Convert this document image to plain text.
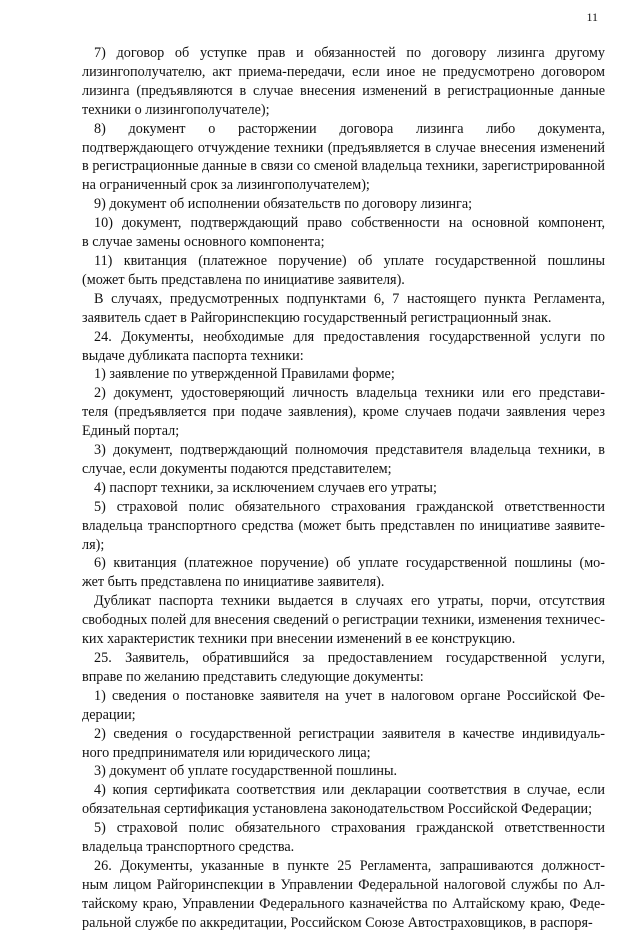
11
7) договор об уступке прав и обязанностей по договору лизинга другому
лизингополучателю, акт приема-передачи, если иное не предусмотрено договором
лизинга (предъявляются в случае внесения изменений в регистрационные данные
техники о лизингополучателе);
8) документ о расторжении договора лизинга либо документа,
подтверждающего отчуждение техники (предъявляется в случае внесения изменений
в регистрационные данные в связи со сменой владельца техники, зарегистрированной
на ограниченный срок за лизингополучателем);
9) документ об исполнении обязательств по договору лизинга;
10) документ, подтверждающий право собственности на основной компонент,
в случае замены основного компонента;
11) квитанция (платежное поручение) об уплате государственной пошлины
(может быть представлена по инициативе заявителя).
В случаях, предусмотренных подпунктами 6, 7 настоящего пункта Регламента,
заявитель сдает в Райгоринспекцию государственный регистрационный знак.
24. Документы, необходимые для предоставления государственной услуги по
выдаче дубликата паспорта техники:
1) заявление по утвержденной Правилами форме;
2) документ, удостоверяющий личность владельца техники или его представи-
теля (предъявляется при подаче заявления), кроме случаев подачи заявления через
Единый портал;
3) документ, подтверждающий полномочия представителя владельца техники, в
случае, если документы подаются представителем;
4) паспорт техники, за исключением случаев его утраты;
5) страховой полис обязательного страхования гражданской ответственности
владельца транспортного средства (может быть представлен по инициативе заявите-
ля);
6) квитанция (платежное поручение) об уплате государственной пошлины (мо-
жет быть представлена по инициативе заявителя).
Дубликат паспорта техники выдается в случаях его утраты, порчи, отсутствия
свободных полей для внесения сведений о регистрации техники, изменения техничес-
ких характеристик техники при внесении изменений в ее конструкцию.
25. Заявитель, обратившийся за предоставлением государственной услуги,
вправе по желанию представить следующие документы:
1) сведения о постановке заявителя на учет в налоговом органе Российской Фе-
дерации;
2) сведения о государственной регистрации заявителя в качестве индивидуаль-
ного предпринимателя или юридического лица;
3) документ об уплате государственной пошлины.
4) копия сертификата соответствия или декларации соответствия в случае, если
обязательная сертификация установлена законодательством Российской Федерации;
5) страховой полис обязательного страхования гражданской ответственности
владельца транспортного средства.
26. Документы, указанные в пункте 25 Регламента, запрашиваются должност-
ным лицом Райгоринспекции в Управлении Федеральной налоговой службы по Ал-
тайскому краю, Управлении Федерального казначейства по Алтайскому краю, Феде-
ральной службе по аккредитации, Российском Союзе Автостраховщиков, в распоря-
